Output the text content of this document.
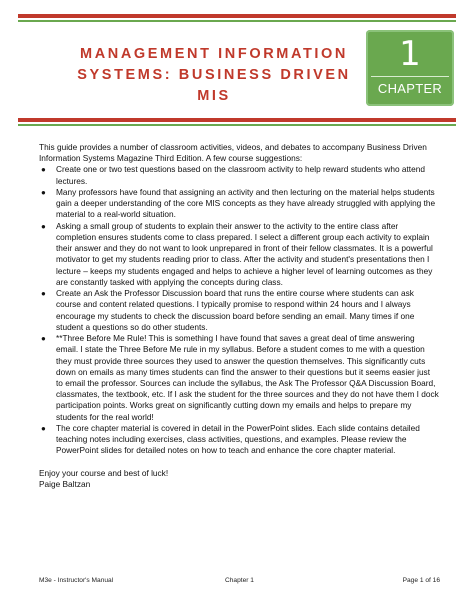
MANAGEMENT INFORMATION
SYSTEMS: BUSINESS DRIVEN MIS
1
CHAPTER

This guide provides a number of classroom activities, videos, and debates to accompany Business Driven Information Systems Magazine Third Edition. A few course suggestions:

● Create one or two test questions based on the classroom activity to help reward students who attend lectures.
● Many professors have found that assigning an activity and then lecturing on the material helps students gain a deeper understanding of the core MIS concepts as they have already struggled with applying the material to a real-world situation.
● Asking a small group of students to explain their answer to the activity to the entire class after completion ensures students come to class prepared. I select a different group each activity to explain their answer and they do not want to look unprepared in front of their fellow classmates. It is a powerful motivator to get my students reading prior to class. After the activity and student's presentations then I lecture – keeps my students engaged and helps to achieve a higher level of learning outcomes as they are constantly tasked with applying the concepts during class.
● Create an Ask the Professor Discussion board that runs the entire course where students can ask course and content related questions. I typically promise to respond within 24 hours and I always encourage my students to check the discussion board before sending an email. Many times if one student a questions so do other students.
● **Three Before Me Rule! This is something I have found that saves a great deal of time answering email. I state the Three Before Me rule in my syllabus. Before a student comes to me with a question they must provide three sources they used to answer the question themselves. This significantly cuts down on emails as many times students can find the answer to their questions but it seems easier just to email the professor. Sources can include the syllabus, the Ask The Professor Q&A Discussion Board, classmates, the textbook, etc. If I ask the student for the three sources and they do not have them I dock participation points. Works great on significantly cutting down my emails and helps to prepare my students for the real world!
● The core chapter material is covered in detail in the PowerPoint slides. Each slide contains detailed teaching notes including exercises, class activities, questions, and examples. Please review the PowerPoint slides for detailed notes on how to teach and enhance the core chapter material.

Enjoy your course and best of luck!

Paige Baltzan

M3e - Instructor's Manual	Chapter 1	Page 1 of 16
